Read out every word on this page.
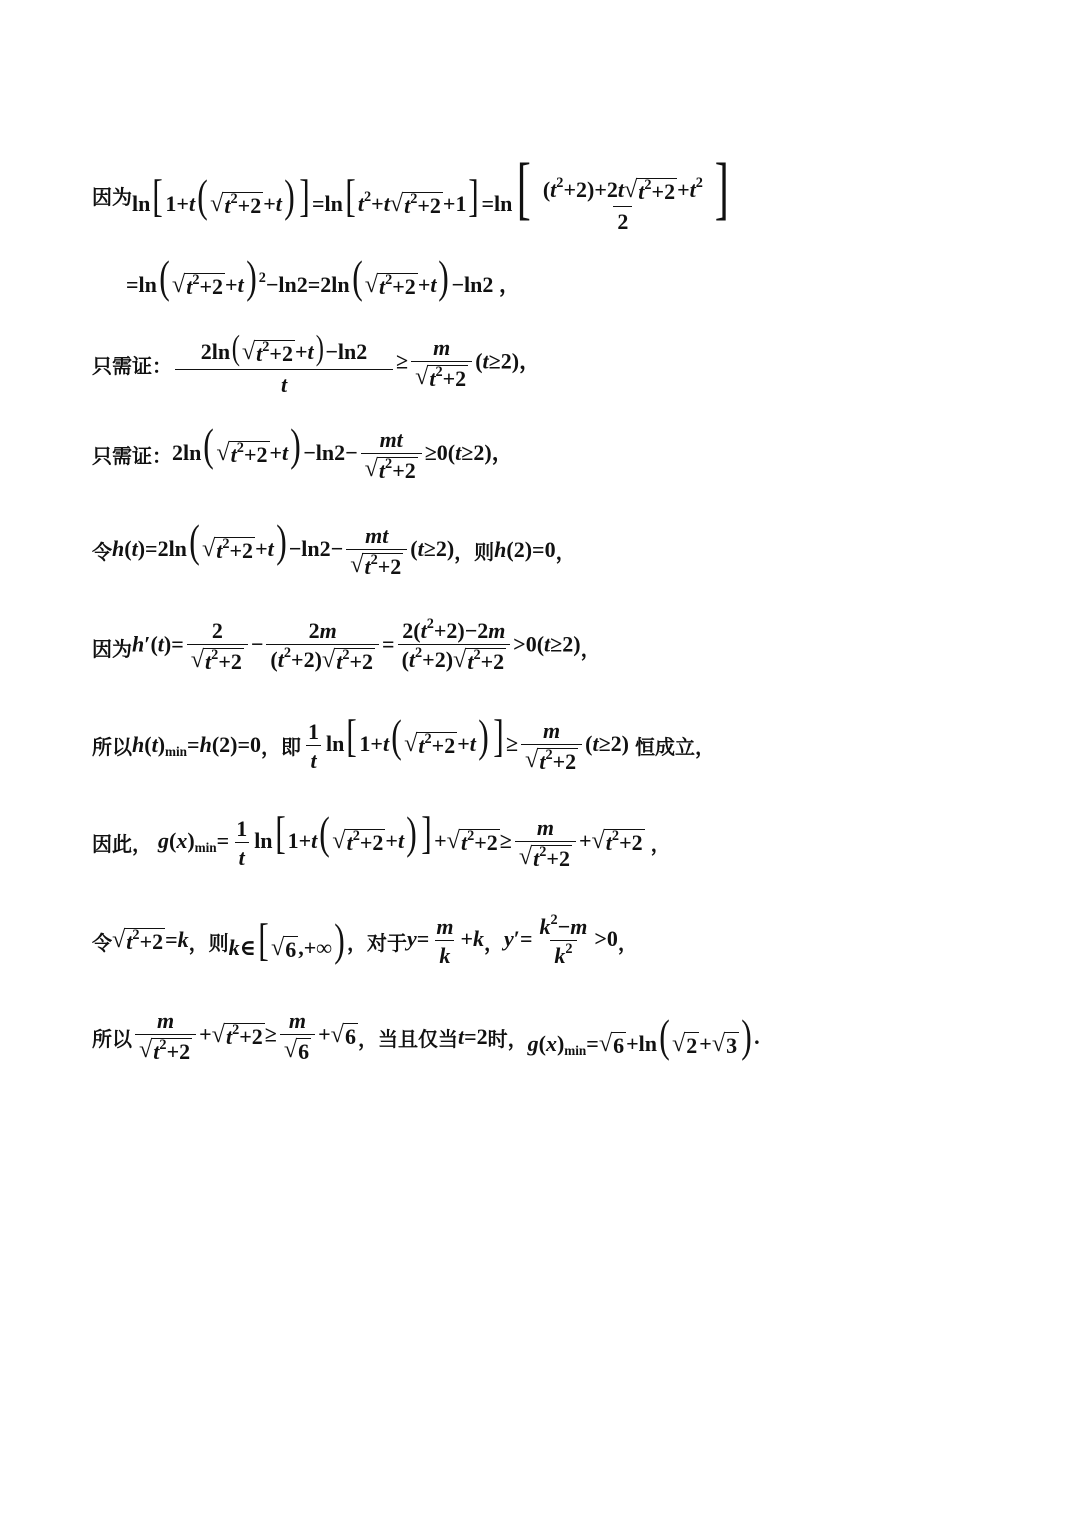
因为 ln[ 1+t( √ $t^2+2 +t)] =\ln$[ $t^2+t$ √ $t^2+2 +1] =\ln[ \frac{(t^2+2)+2t √ t^2+2 +t^2}{2}$ ]
=ln( √ $t^2+2 +t$) $^2$−ln2=2ln( √ $t^2+2 +t) -\ln 2$ ，
只需证： $\frac{2\ln( √ t^2+2 +t)-\ln 2}{t} \ge \frac{m}{√ t^2+2} (t\ge 2)$，
只需证： 2ln( √ $t^2+2 +t) -\ln 2- \frac{mt}{√ t^2+2} \ge 0(t\ge 2)$，
令 h(t)=2ln( √ $t^2+2 +t) -\ln 2- \frac{mt}{√ t^2+2} (t\ge 2)$ ，则 h(2)=0 ，
因为 $h'(t)= \frac{2}{√ t^2+2} - \frac{2m}{(t^2+2) √ t^2+2} = \frac{2(t^2+2)-2m}{(t^2+2) √ t^2+2} >0(t\ge 2)$ ，
所以 $h(t)_{min}=h(2)=0$ ，即 $\frac{1}{t} \ln$[ 1+t( √ $t^2+2 +t)] \ge \frac{m}{√ t^2+2} (t\ge 2)$ 恒成立，
因此， $g(x)_{min}= \frac{1}{t} \ln$[ 1+t( √ $t^2+2 +t$)] + √ $t^2+2 \ge \frac{m}{√ t^2+2}$ + √ $t^2+2$ ，
令 √ $t^2+2 =k$ ，则 k∈[ √ 6 ,+∞) ，对于 $y= \frac{m}{k} +k$ ， $y'= \frac{k^2-m}{k^2} >0$ ，
所以 $\frac{m}{√ t^2+2}$ + √ $t^2+2 \ge \frac{m}{√ 6}$ + √ 6 ，当且仅当 t=2 时， $g(x)_{min}=$ √ 6 +ln( √ 2 + √ 3 ) .
